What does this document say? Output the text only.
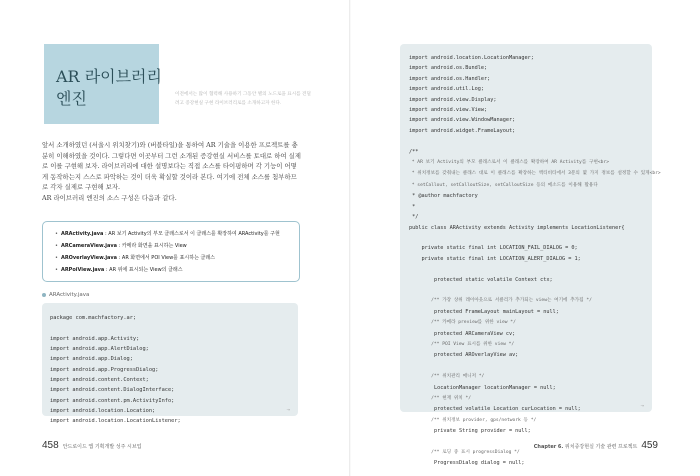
AR 라이브러리
엔진	이전에서는 많이 협력해 사용하기 그동안 별의 노드로을 표시를 견딜려고 증강현실 구현 라이브러리로를 소개하고자 한다.

앞서 소개하였던 (서울시 위치찾기)와 (버블타일)을 통하여 AR 기술을 이용한 프로젝트를 충분히 이해하였을 것이다. 그렇다면 이곳부터 그런 소개된 증강현실 서비스를 토대로 하여 실제로 이를 구현해 보자. 라이브러리에 대한 설명보다는 직접 소스를 타이핑하며 각 기능이 어떻게 동작하는지 스스로 파악하는 것이 더욱 확실할 것이라 본다. 여기에 전체 소스를 첨부하므로 각자 실제로 구현해 보자.

AR 라이브러리 엔진의 소스 구성은 다음과 같다.

• ARActivity.java : AR 보기 Activity의 부모 클래스로서 이 클래스를 확장하여 ARActivity를 구현
• ARCameraView.java : 카메라 화면을 표시하는 View
• AROverlayView.java : AR 화면에서 POI View를 표시하는 클래스
• ARPoiView.java : AR 위에 표시되는 View의 클래스
ARActivity.java
package com.machfactory.ar;

import android.app.Activity;
import android.app.AlertDialog;
import android.app.Dialog;
import android.app.ProgressDialog;
import android.content.Context;
import android.content.DialogInterface;
import android.content.pm.ActivityInfo;
import android.location.Location;
import android.location.LocationListener;

→
458 안드로이드 앱 기획개발 성주 시브업
import android.location.LocationManager;
import android.os.Bundle;
import android.os.Handler;
import android.util.Log;
import android.view.Display;
import android.view.View;
import android.view.WindowManager;
import android.widget.FrameLayout;

/**
* AR 보기 Activity의 부모 클래스로서 이 클래스를 확장하여 AR Activity를 구현<br>
* 위치정보를 갖춰내는 클래스 대로 이 클래스를 확장하는 액티비티에서 3분의 몇 가지 정보를 설정할 수 있게<br>
* setCallout, setCalloutSize, setCalloutSize 등의 메소드를 이용해 활용다
* @author machfactory
*
*/
public class ARActivity extends Activity implements LocationListener{

private static final int LOCATION_FAIL_DIALOG = 0;
private static final int LOCATION_ALERT_DIALOG = 1;

protected static volatile Context ctx;

/** 가장 상위 레이아웃으로 서클리가 추가되는 view는 여기에 추가됨 */
protected FrameLayout mainLayout = null;
/** 카메라 preview를 위한 view */
protected ARCameraView cv;
/** POI View 표시를 위한 view */
protected AROverlayView av;

/** 위치관리 매니저 */
LocationManager locationManager = null;
/** 현재 위치 */
protected volatile Location curLocation = null;
/** 위치정보 provider, gps/network 등 */
private String provider = null;

/** 로딩 중 표시 progressDialog */
ProgressDialog dialog = null;

→
Chapter 6. 위치증강현실 기술 관련 프로젝트 459
